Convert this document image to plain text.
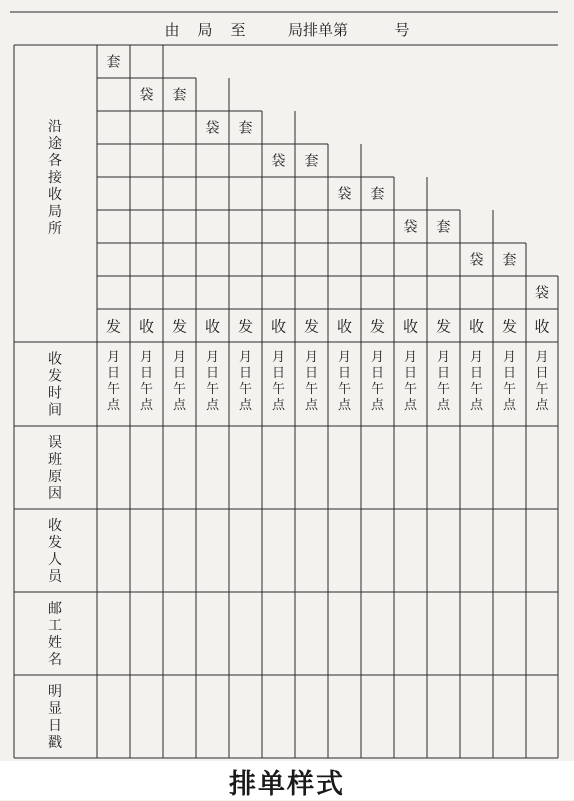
由 局 至	局排单第	号
沿
途
各
接
收
局
所
收
发
时
间
误
班
原
因
收
发
人
员
邮
工
姓
名
明
显
日
戳
套
袋 套
袋 套
袋 套
袋 套
袋 套
袋 套
袋
发 收 发 收 发 收 发 收 发 收 发 收 发 收
月
日
午
点
月
日
午
点
月
日
午
点
月
日
午
点
月
日
午
点
月
日
午
点
月
日
午
点
月
日
午
点
月
日
午
点
月
日
午
点
月
日
午
点
月
日
午
点
月
日
午
点
月
日
午
点
排单样式
